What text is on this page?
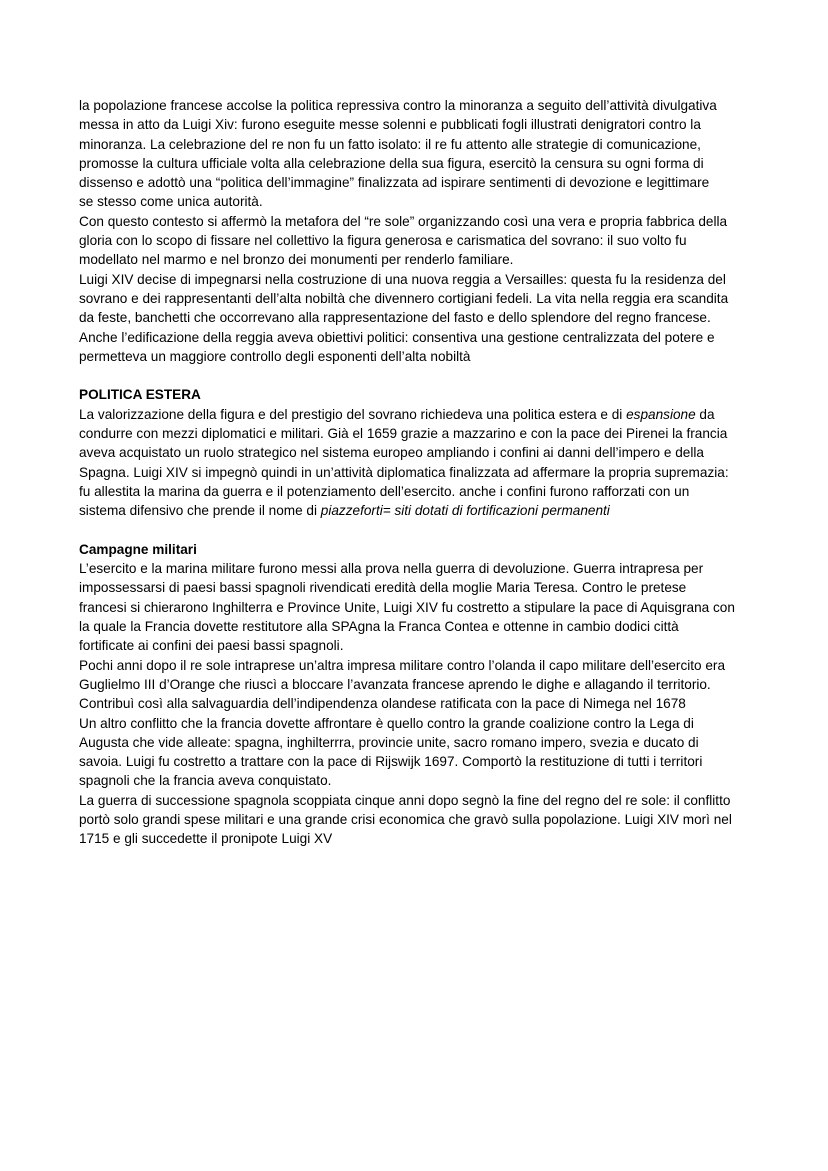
la popolazione francese accolse la politica repressiva contro la minoranza a seguito dell’attività divulgativa
messa in atto da Luigi Xiv: furono eseguite messe solenni e pubblicati fogli illustrati denigratori contro la
minoranza. La celebrazione del re non fu un fatto isolato: il re fu attento alle strategie di comunicazione,
promosse la cultura ufficiale volta alla celebrazione della sua figura, esercitò la censura su ogni forma di
dissenso e adottò una “politica dell’immagine” finalizzata ad ispirare sentimenti di devozione e legittimare
se stesso come unica autorità.
Con questo contesto si affermò la metafora del “re sole” organizzando così una vera e propria fabbrica della
gloria con lo scopo di fissare nel collettivo la figura generosa e carismatica del sovrano: il suo volto fu
modellato nel marmo e nel bronzo dei monumenti per renderlo familiare.
Luigi XIV decise di impegnarsi nella costruzione di una nuova reggia a Versailles: questa fu la residenza del
sovrano e dei rappresentanti dell’alta nobiltà che divennero cortigiani fedeli. La vita nella reggia era scandita
da feste, banchetti che occorrevano alla rappresentazione del fasto e dello splendore del regno francese.
Anche l’edificazione della reggia aveva obiettivi politici: consentiva una gestione centralizzata del potere e
permetteva un maggiore controllo degli esponenti dell’alta nobiltà
POLITICA ESTERA
La valorizzazione della figura e del prestigio del sovrano richiedeva una politica estera e di espansione da
condurre con mezzi diplomatici e militari. Già el 1659 grazie a mazzarino e con la pace dei Pirenei la francia
aveva acquistato un ruolo strategico nel sistema europeo ampliando i confini ai danni dell’impero e della
Spagna. Luigi XIV si impegnò quindi in un’attività diplomatica finalizzata ad affermare la propria supremazia:
fu allestita la marina da guerra e il potenziamento dell’esercito. anche i confini furono rafforzati con un
sistema difensivo che prende il nome di piazzeforti= siti dotati di fortificazioni permanenti
Campagne militari
L’esercito e la marina militare furono messi alla prova nella guerra di devoluzione. Guerra intrapresa per
impossessarsi di paesi bassi spagnoli rivendicati eredità della moglie Maria Teresa. Contro le pretese
francesi si chierarono Inghilterra e Province Unite, Luigi XIV fu costretto a stipulare la pace di Aquisgrana con
la quale la Francia dovette restitutore alla SPAgna la Franca Contea e ottenne in cambio dodici città
fortificate ai confini dei paesi bassi spagnoli.
Pochi anni dopo il re sole intraprese un’altra impresa militare contro l’olanda il capo militare dell’esercito era
Guglielmo III d’Orange che riuscì a bloccare l’avanzata francese aprendo le dighe e allagando il territorio.
Contribuì così alla salvaguardia dell’indipendenza olandese ratificata con la pace di Nimega nel 1678
Un altro conflitto che la francia dovette affrontare è quello contro la grande coalizione contro la Lega di
Augusta che vide alleate: spagna, inghilterrra, provincie unite, sacro romano impero, svezia e ducato di
savoia. Luigi fu costretto a trattare con la pace di Rijswijk 1697. Comportò la restituzione di tutti i territori
spagnoli che la francia aveva conquistato.
La guerra di successione spagnola scoppiata cinque anni dopo segnò la fine del regno del re sole: il conflitto
portò solo grandi spese militari e una grande crisi economica che gravò sulla popolazione. Luigi XIV morì nel
1715 e gli succedette il pronipote Luigi XV
